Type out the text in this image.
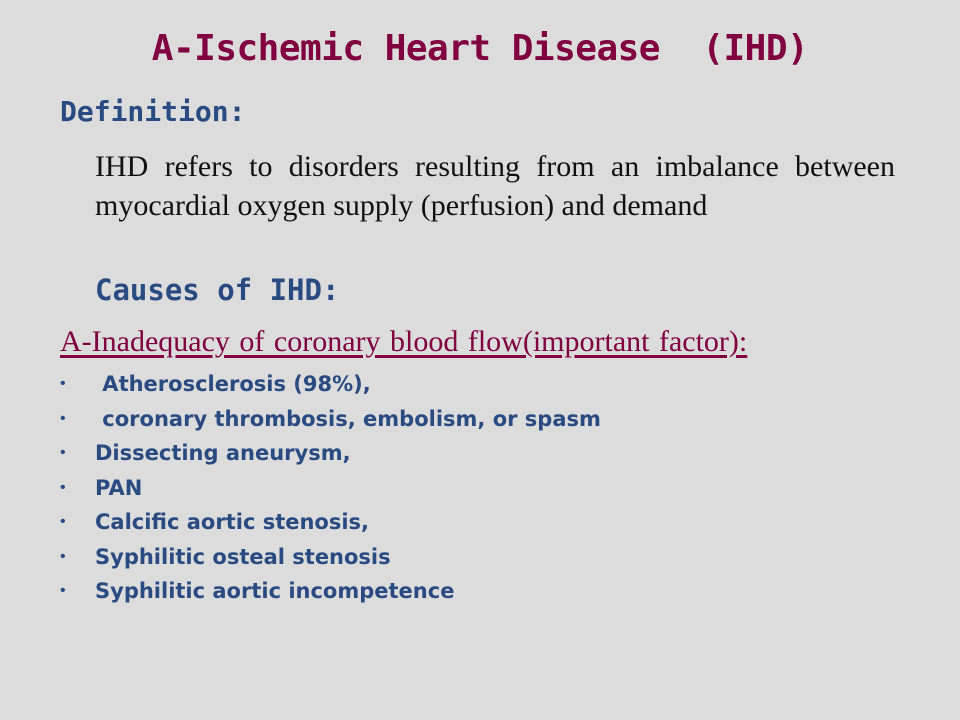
A-Ischemic Heart Disease  (IHD)
Definition:
IHD refers to disorders resulting from an imbalance between myocardial oxygen supply (perfusion) and demand
Causes of IHD:
A-Inadequacy of coronary blood flow(important factor):
•	Atherosclerosis (98%),
•	coronary thrombosis, embolism, or spasm
•	Dissecting aneurysm,
•	PAN
•	Calcific aortic stenosis,
•	Syphilitic osteal stenosis
•	Syphilitic aortic incompetence
